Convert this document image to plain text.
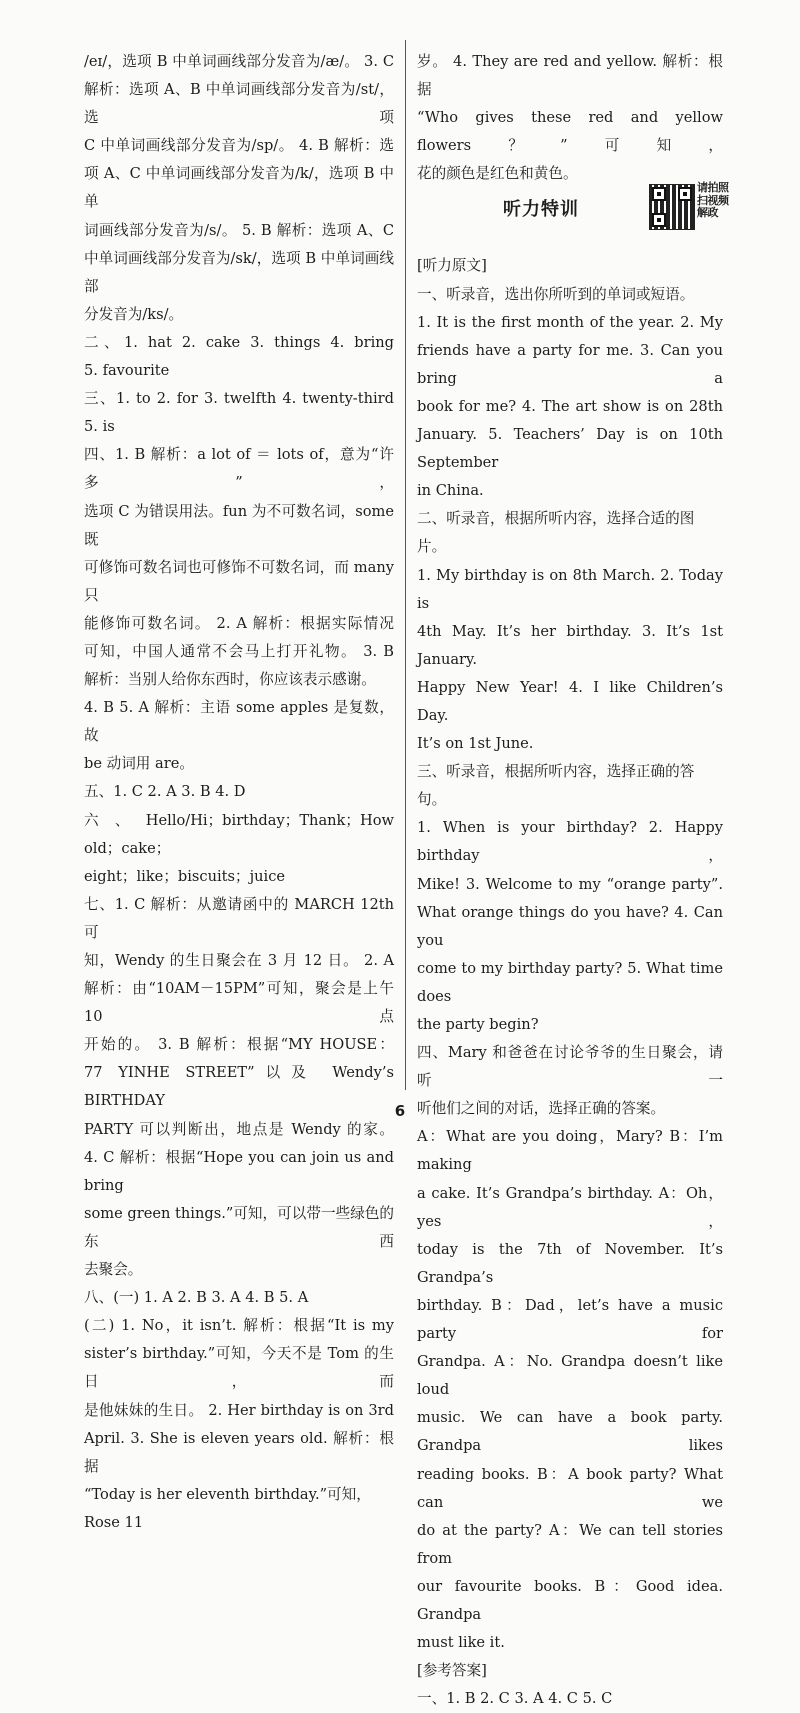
/eɪ/，选项 B 中单词画线部分发音为/æ/。 3. C

解析：选项 A、B 中单词画线部分发音为/st/，选项

C 中单词画线部分发音为/sp/。 4. B 解析：选

项 A、C 中单词画线部分发音为/k/，选项 B 中单

词画线部分发音为/s/。 5. B 解析：选项 A、C

中单词画线部分发音为/sk/，选项 B 中单词画线部

分发音为/ks/。

二、1. hat 2. cake 3. things 4. bring

5. favourite

三、1. to 2. for 3. twelfth 4. twenty-third

5. is

四、1. B 解析：a lot of ＝ lots of，意为“许多”，

选项 C 为错误用法。fun 为不可数名词，some 既

可修饰可数名词也可修饰不可数名词，而 many 只

能修饰可数名词。 2. A 解析：根据实际情况

可知，中国人通常不会马上打开礼物。 3. B

解析：当别人给你东西时，你应该表示感谢。

4. B 5. A 解析：主语 some apples 是复数，故

be 动词用 are。

五、1. C 2. A 3. B 4. D

六、Hello/Hi；birthday；Thank；How old；cake；

eight；like；biscuits；juice

七、1. C 解析：从邀请函中的 MARCH 12th 可

知，Wendy 的生日聚会在 3 月 12 日。 2. A

解析：由“10AM－15PM”可知，聚会是上午 10 点

开始的。 3. B 解析：根据“MY HOUSE：

77 YINHE STREET”以及 Wendy’s BIRTHDAY

PARTY 可以判断出，地点是 Wendy 的家。

4. C 解析：根据“Hope you can join us and bring

some green things.”可知，可以带一些绿色的东西

去聚会。

八、(一) 1. A 2. B 3. A 4. B 5. A

(二) 1. No，it isn’t. 解析：根据“It is my

sister’s birthday.”可知，今天不是 Tom 的生日，而

是他妹妹的生日。 2. Her birthday is on 3rd

April. 3. She is eleven years old. 解析：根据

“Today is her eleventh birthday.”可知，Rose 11

岁。 4. They are red and yellow. 解析：根据

“Who gives these red and yellow flowers？”可知，

花的颜色是红色和黄色。

听力特训
请拍照扫视频解政

[听力原文]

一、听录音，选出你所听到的单词或短语。

1. It is the first month of the year. 2. My

friends have a party for me. 3. Can you bring a

book for me? 4. The art show is on 28th

January. 5. Teachers’ Day is on 10th September

in China.

二、听录音，根据所听内容，选择合适的图片。

1. My birthday is on 8th March. 2. Today is

4th May. It’s her birthday. 3. It’s 1st January.

Happy New Year! 4. I like Children’s Day.

It’s on 1st June.

三、听录音，根据所听内容，选择正确的答句。

1. When is your birthday? 2. Happy birthday，

Mike! 3. Welcome to my “orange party”.

What orange things do you have? 4. Can you

come to my birthday party? 5. What time does

the party begin?

四、Mary 和爸爸在讨论爷爷的生日聚会，请听一

听他们之间的对话，选择正确的答案。

A：What are you doing，Mary? B：I’m making

a cake. It’s Grandpa’s birthday. A：Oh，yes，

today is the 7th of November. It’s Grandpa’s

birthday. B：Dad，let’s have a music party for

Grandpa. A：No. Grandpa doesn’t like loud

music. We can have a book party. Grandpa likes

reading books. B：A book party? What can we

do at the party? A：We can tell stories from

our favourite books. B：Good idea. Grandpa

must like it.

[参考答案]

一、1. B 2. C 3. A 4. C 5. C

6
